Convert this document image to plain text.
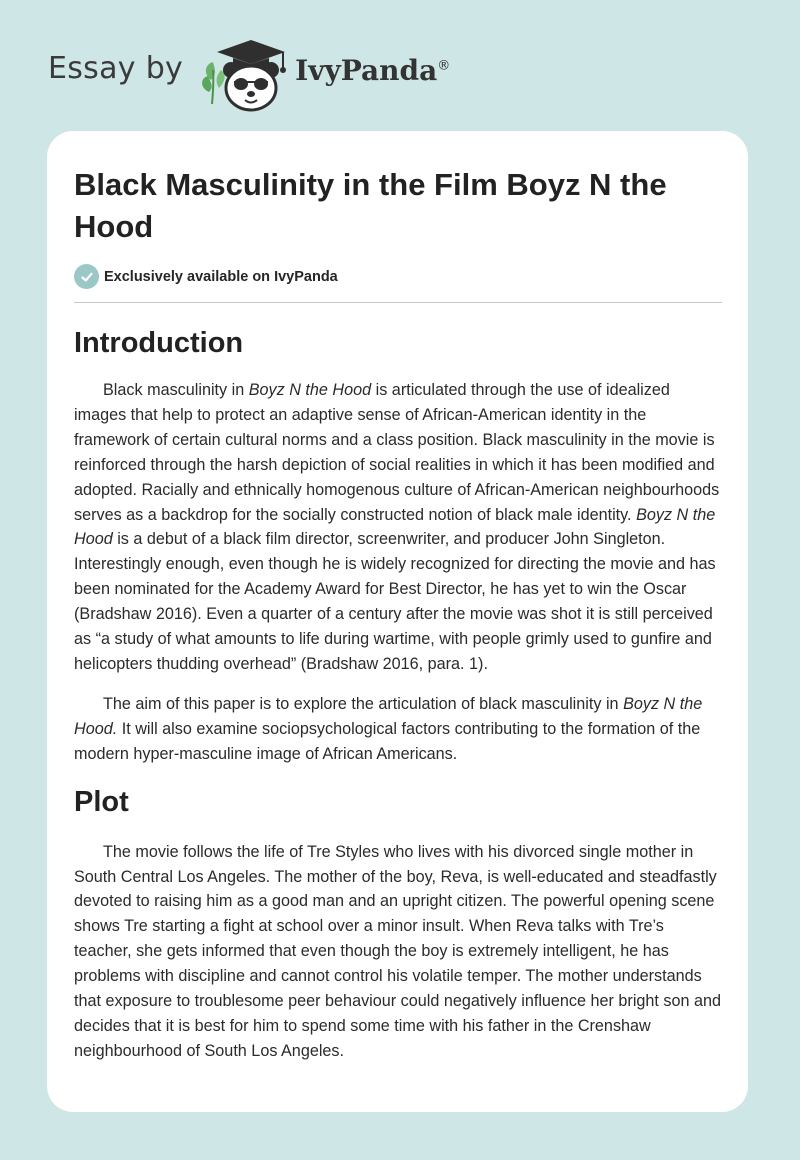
Essay by	IvyPanda®
Black Masculinity in the Film Boyz N the Hood
Exclusively available on IvyPanda
Introduction

Black masculinity in Boyz N the Hood is articulated through the use of idealized images that help to protect an adaptive sense of African-American identity in the framework of certain cultural norms and a class position. Black masculinity in the movie is reinforced through the harsh depiction of social realities in which it has been modified and adopted. Racially and ethnically homogenous culture of African-American neighbourhoods serves as a backdrop for the socially constructed notion of black male identity. Boyz N the Hood is a debut of a black film director, screenwriter, and producer John Singleton. Interestingly enough, even though he is widely recognized for directing the movie and has been nominated for the Academy Award for Best Director, he has yet to win the Oscar (Bradshaw 2016). Even a quarter of a century after the movie was shot it is still perceived as “a study of what amounts to life during wartime, with people grimly used to gunfire and helicopters thudding overhead” (Bradshaw 2016, para. 1).

The aim of this paper is to explore the articulation of black masculinity in Boyz N the Hood. It will also examine sociopsychological factors contributing to the formation of the modern hyper-masculine image of African Americans.

Plot

The movie follows the life of Tre Styles who lives with his divorced single mother in South Central Los Angeles. The mother of the boy, Reva, is well-educated and steadfastly devoted to raising him as a good man and an upright citizen. The powerful opening scene shows Tre starting a fight at school over a minor insult. When Reva talks with Tre’s teacher, she gets informed that even though the boy is extremely intelligent, he has problems with discipline and cannot control his volatile temper. The mother understands that exposure to troublesome peer behaviour could negatively influence her bright son and decides that it is best for him to spend some time with his father in the Crenshaw neighbourhood of South Los Angeles.
